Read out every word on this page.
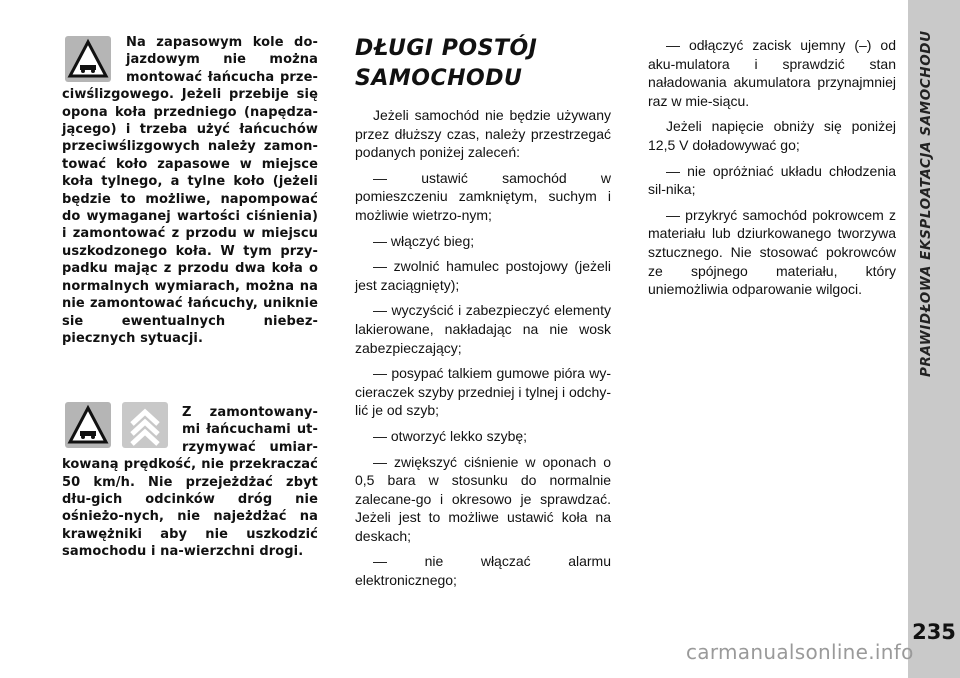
Na zapasowym kole do-jazdowym nie można montować łańcucha prze-ciwślizgowego. Jeżeli przebije się opona koła przedniego (napędza-jącego) i trzeba użyć łańcuchów przeciwślizgowych należy zamon-tować koło zapasowe w miejsce koła tylnego, a tylne koło (jeżeli będzie to możliwe, napompować do wymaganej wartości ciśnienia) i zamontować z przodu w miejscu uszkodzonego koła. W tym przy-padku mając z przodu dwa koła o normalnych wymiarach, można na nie zamontować łańcuchy, uniknie sie ewentualnych niebez-piecznych sytuacji.

Z zamontowany-mi łańcuchami ut-rzymywać umiar-kowaną prędkość, nie przekraczać 50 km/h. Nie przejeżdżać zbyt dłu-gich odcinków dróg nie ośnieżo-nych, nie najeżdżać na krawężniki aby nie uszkodzić samochodu i na-wierzchni drogi.

DŁUGI POSTÓJ
SAMOCHODU

Jeżeli samochód nie będzie używany przez dłuższy czas, należy przestrzegać podanych poniżej zaleceń:

— ustawić samochód w pomieszczeniu zamkniętym, suchym i możliwie wietrzo-nym;

— włączyć bieg;

— zwolnić hamulec postojowy (jeżeli jest zaciągnięty);

— wyczyścić i zabezpieczyć elementy lakierowane, nakładając na nie wosk zabezpieczający;

— posypać talkiem gumowe pióra wy-cieraczek szyby przedniej i tylnej i odchy-lić je od szyb;

— otworzyć lekko szybę;

— zwiększyć ciśnienie w oponach o 0,5 bara w stosunku do normalnie zalecane-go i okresowo je sprawdzać. Jeżeli jest to możliwe ustawić koła na deskach;

— nie włączać alarmu elektronicznego;

— odłączyć zacisk ujemny (–) od aku-mulatora i sprawdzić stan naładowania akumulatora przynajmniej raz w mie-siącu.

Jeżeli napięcie obniży się poniżej 12,5 V doładowywać go;

— nie opróżniać układu chłodzenia sil-nika;

— przykryć samochód pokrowcem z materiału lub dziurkowanego tworzywa sztucznego. Nie stosować pokrowców ze spójnego materiału, który uniemożliwia odparowanie wilgoci.	PRAWIDŁOWA EKSPLOATACJA SAMOCHODU
235
carmanualsonline.info
